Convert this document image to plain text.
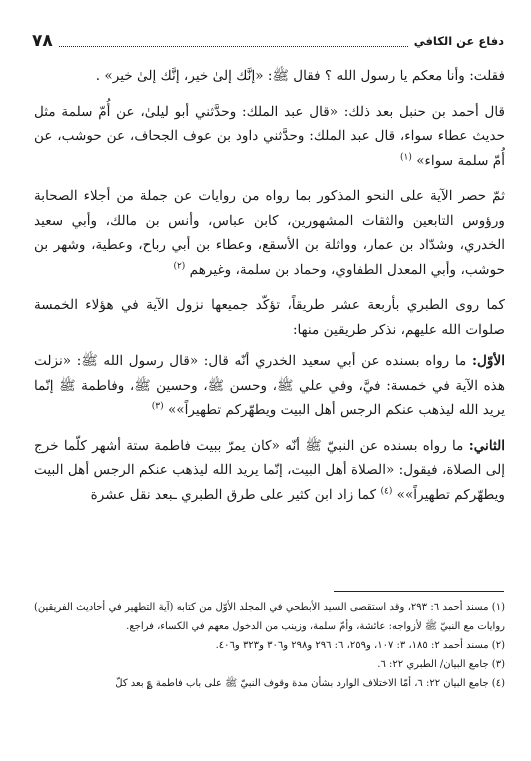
٧٨	دفاع عن الكافي

فقلت: وأنا معكم يا رسول الله ؟ فقال ﷺ: «إنَّك إلىٰ خير، إنَّك إلىٰ خير» .

قال أحمد بن حنبل بعد ذلك: «قال عبد الملك: وحدَّثني أبو ليلىٰ، عن أُمّ سلمة مثل حديث عطاء سواء، قال عبد الملك: وحدَّثني داود بن عوف الجحاف، عن حوشب، عن أُمّ سلمة سواء» $^{(١)}$

ثمّ حصر الآية على النحو المذكور بما رواه من روايات عن جملة من أجلاء الصحابة ورؤوس التابعين والثقات المشهورين، كابن عباس، وأنس بن مالك، وأبي سعيد الخدري، وشدّاد بن عمار، وواثلة بن الأسقع، وعطاء بن أبي رباح، وعطية، وشهر بن حوشب، وأبي المعدل الطفاوي، وحماد بن سلمة، وغيرهم $^{(٢)}$

كما روى الطبري بأربعة عشر طريقاً، تؤكّد جميعها نزول الآية في هؤلاء الخمسة صلوات الله عليهم، نذكر طريقين منها:

الأوّل: ما رواه بسنده عن أبي سعيد الخدري أنّه قال: «قال رسول الله ﷺ: «نزلت هذه الآية في خمسة: فيَّ، وفي علي ﷺ، وحسن ﷺ، وحسين ﷺ، وفاطمة ﷺ إنّما يريد الله ليذهب عنكم الرجس أهل البيت ويطهّركم تطهيراً»» $^{(٣)}$

الثاني: ما رواه بسنده عن النبيّ ﷺ أنّه «كان يمرّ ببيت فاطمة ستة أشهر كلّما خرج إلى الصلاة، فيقول: «الصلاة أهل البيت، إنّما يريد الله ليذهب عنكم الرجس أهل البيت ويطهّركم تطهيراً»» $^{(٤)}$ كما زاد ابن كثير على طرق الطبري ـبعد نقل عشرة

(١) مسند أحمد ٦: ٢٩٣، وقد استقصى السيد الأبطحي في المجلد الأوّل من كتابه (آية التطهير في أحاديث الفريقين) روايات مع النبيّ ﷺ لأزواجه: عائشة، وأمّ سلمة، وزينب من الدخول معهم في الكساء، فراجع.

(٢) مسند أحمد ٢: ١٨٥، ٣: ١٠٧، و٢٥٩، ٦: ٢٩٦ و٢٩٨ و٣٠٦ و٣٢٣ و٤٠٦.

(٣) جامع البيان/ الطبري ٢٢: ٦.

(٤) جامع البيان ٢٢: ٦، أمّا الاختلاف الوارد بشأن مدة وقوف النبيّ ﷺ على باب فاطمة ؏ بعد كلّ
